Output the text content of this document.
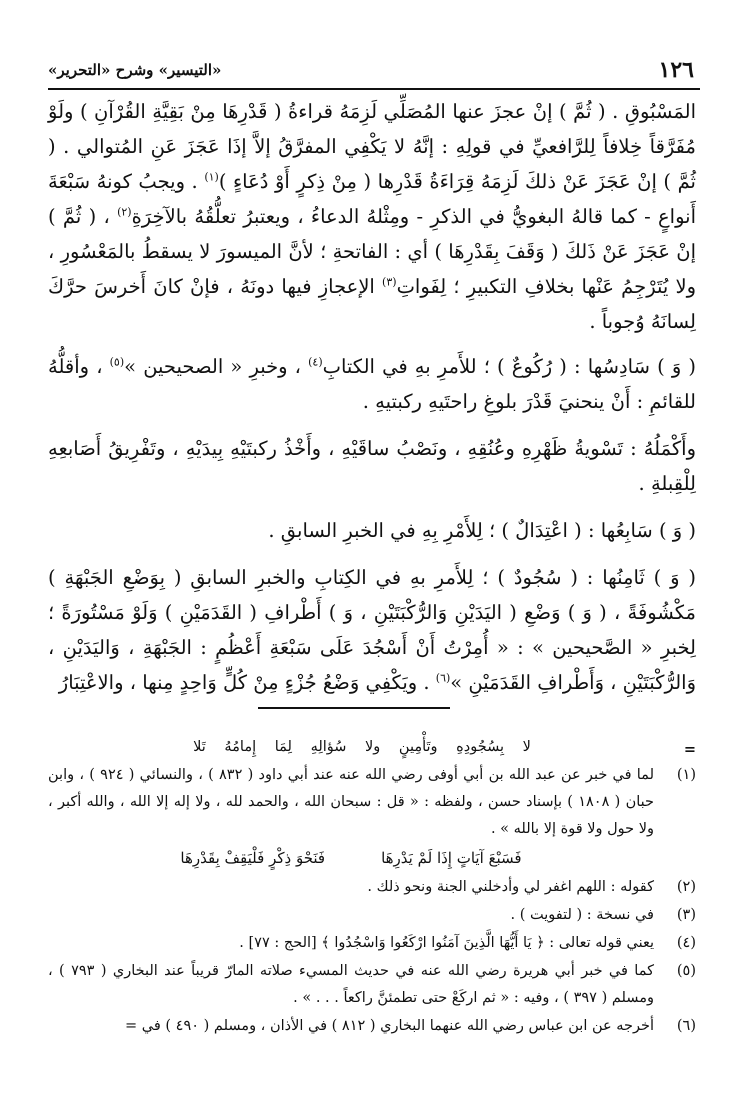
١٢٦
«التيسير» وشرح «التحرير»

المَسْبُوقِ . ( ثُمَّ ) إنْ عجزَ عنها المُصَلِّي لَزِمَهُ قراءةُ ( قَدْرِهَا مِنْ بَقِيَّةِ القُرْآنِ ) ولَوْ مُفَرَّقاً خِلافاً لِلرَّافعيِّ في قولِهِ : إنَّهُ لا يَكْفِي المفرَّقُ إلاَّ إذَا عَجَزَ عَنِ المُتوالي . ( ثُمَّ ) إنْ عَجَزَ عَنْ ذلكَ لَزِمَهُ قِرَاءَةُ قَدْرِها ( مِنْ ذِكرٍ أَوْ دُعَاءٍ )$^{(١)}$ . ويجبُ كونهُ سَبْعَةَ أَنواعٍ - كما قالهُ البغويُّ في الذكرِ - ومِثْلهُ الدعاءُ ، ويعتبرُ تعلُّقُهُ بالآخِرَةِ$^{(٢)}$ ، ( ثُمَّ ) إنْ عَجَزَ عَنْ ذَلكَ ( وَقَفَ بِقَدْرِهَا ) أي : الفاتحةِ ؛ لأنَّ الميسورَ لا يسقطُ بالمَعْسُورِ ، ولا يُتَرْجِمُ عَنْها بخلافِ التكبيرِ ؛ لِفَواتِ$^{(٣)}$ الإعجازِ فيها دونَهُ ، فإنْ كانَ أَخرسَ حرَّكَ لِسانَهُ وُجوباً .

( وَ ) سَادِسُها : ( رُكُوعٌ ) ؛ للأَمرِ بهِ في الكتابِ$^{(٤)}$ ، وخبرِ « الصحيحين »$^{(٥)}$ ، وأقلُّهُ للقائمِ : أَنْ ينحنيَ قَدْرَ بلوغِ راحتَيهِ ركبتيهِ .

وأَكْمَلُهُ : تَسْويةُ ظَهْرِهِ وعُنُقِهِ ، ونَصْبُ ساقَيْهِ ، وأَخْذُ ركبتَيْهِ بِيدَيْهِ ، وتَفْرِيقُ أَصَابعِهِ لِلْقِبلةِ .

( وَ ) سَابِعُها : ( اعْتِدَالٌ ) ؛ لِلأَمْرِ بِهِ في الخبرِ السابقِ .

( وَ ) ثَامِنُها : ( سُجُودٌ ) ؛ لِلأَمرِ بهِ في الكِتابِ والخبرِ السابقِ ( بِوَضْعِ الجَبْهَةِ ) مَكْشُوفَةً ، ( وَ ) وَضْعِ ( اليَدَيْنِ وَالرُّكْبَتَيْنِ ، وَ ) أَطْرافِ ( القَدَمَيْنِ ) وَلَوْ مَسْتُورَةً ؛ لِخبرِ « الصَّحيحين » : « أُمِرْتُ أَنْ أَسْجُدَ عَلَى سَبْعَةِ أَعْظُمٍ : الجَبْهَةِ ، وَاليَدَيْنِ ، وَالرُّكْبَتَيْنِ ، وَأَطْرافِ القَدَمَيْنِ »$^{(٦)}$ . ويَكْفِي وَضْعُ جُزْءٍ مِنْ كُلٍّ وَاحِدٍ مِنها ، والاعْتِبَارُ

=
لا بِسُجُودِهِ وتَأْمِينٍ ولا سُؤالِهِ لِمَا إِمامُهُ تَلا
(١)
لما في خبر عن عبد الله بن أبي أوفى رضي الله عنه عند أبي داود ( ٨٣٢ ) ، والنسائي ( ٩٢٤ ) ، وابن حبان ( ١٨٠٨ ) بإسناد حسن ، ولفظه : « قل : سبحان الله ، والحمد لله ، ولا إله إلا الله ، والله أكبر ، ولا حول ولا قوة إلا بالله » .
فَسَبْعَ آيَاتٍ إِذَا لَمْ يَدْرِهَا
فَنَحْوَ ذِكْرٍ فَلْيَقِفْ بِقَدْرِهَا
(٢)
كقوله : اللهم اغفر لي وأدخلني الجنة ونحو ذلك .
(٣)
في نسخة : ( لتفويت ) .
(٤)
يعني قوله تعالى : ﴿ يَا أَيُّهَا الَّذِينَ آمَنُوا ارْكَعُوا وَاسْجُدُوا ﴾ [الحج : ٧٧] .
(٥)
كما في خبر أبي هريرة رضي الله عنه في حديث المسيء صلاته المارّ قريباً عند البخاري ( ٧٩٣ ) ، ومسلم ( ٣٩٧ ) ، وفيه : « ثم اركَعْ حتى تطمئنَّ راكعاً . . . » .
(٦)
أخرجه عن ابن عباس رضي الله عنهما البخاري ( ٨١٢ ) في الأذان ، ومسلم ( ٤٩٠ ) في =
